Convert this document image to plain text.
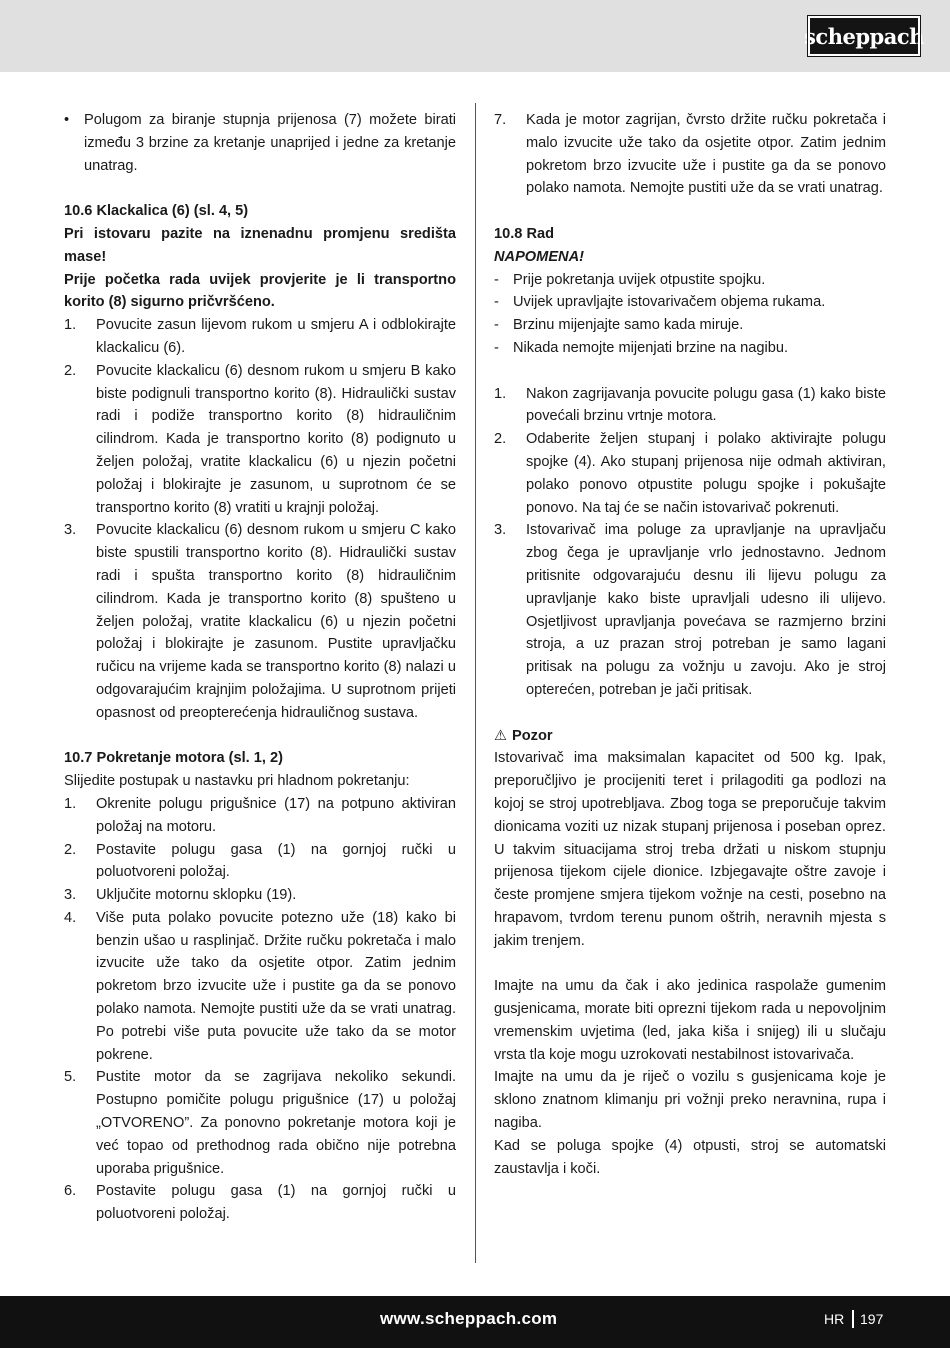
scheppach
•	Polugom za biranje stupnja prijenosa (7) možete birati između 3 brzine za kretanje unaprijed i jedne za kretanje unatrag.

10.6 Klackalica (6) (sl. 4, 5)

Pri istovaru pazite na iznenadnu promjenu središta mase!

Prije početka rada uvijek provjerite je li transportno korito (8) sigurno pričvršćeno.

1.	Povucite zasun lijevom rukom u smjeru A i odblokirajte klackalicu (6).
2.	Povucite klackalicu (6) desnom rukom u smjeru B kako biste podignuli transportno korito (8). Hidraulički sustav radi i podiže transportno korito (8) hidrauličnim cilindrom. Kada je transportno korito (8) podignuto u željen položaj, vratite klackalicu (6) u njezin početni položaj i blokirajte je zasunom, u suprotnom će se transportno korito (8) vratiti u krajnji položaj.
3.	Povucite klackalicu (6) desnom rukom u smjeru C kako biste spustili transportno korito (8). Hidraulički sustav radi i spušta transportno korito (8) hidrauličnim cilindrom. Kada je transportno korito (8) spušteno u željen položaj, vratite klackalicu (6) u njezin početni položaj i blokirajte je zasunom. Pustite upravljačku ručicu na vrijeme kada se transportno korito (8) nalazi u odgovarajućim krajnjim položajima. U suprotnom prijeti opasnost od preopterećenja hidrauličnog sustava.

10.7 Pokretanje motora (sl. 1, 2)

Slijedite postupak u nastavku pri hladnom pokretanju:

1.	Okrenite polugu prigušnice (17) na potpuno aktiviran položaj na motoru.
2.	Postavite polugu gasa (1) na gornjoj ručki u poluotvoreni položaj.
3.	Uključite motornu sklopku (19).
4.	Više puta polako povucite potezno uže (18) kako bi benzin ušao u rasplinjač. Držite ručku pokretača i malo izvucite uže tako da osjetite otpor. Zatim jednim pokretom brzo izvucite uže i pustite ga da se ponovo polako namota. Nemojte pustiti uže da se vrati unatrag. Po potrebi više puta povucite uže tako da se motor pokrene.
5.	Pustite motor da se zagrijava nekoliko sekundi. Postupno pomičite polugu prigušnice (17) u položaj „OTVORENO”. Za ponovno pokretanje motora koji je već topao od prethodnog rada obično nije potrebna uporaba prigušnice.
6.	Postavite polugu gasa (1) na gornjoj ručki u poluotvoreni položaj.
7.	Kada je motor zagrijan, čvrsto držite ručku pokretača i malo izvucite uže tako da osjetite otpor. Zatim jednim pokretom brzo izvucite uže i pustite ga da se ponovo polako namota. Nemojte pustiti uže da se vrati unatrag.

10.8 Rad

NAPOMENA!

- Prije pokretanja uvijek otpustite spojku.
- Uvijek upravljajte istovarivačem objema rukama.
- Brzinu mijenjajte samo kada miruje.
- Nikada nemojte mijenjati brzine na nagibu.
1.	Nakon zagrijavanja povucite polugu gasa (1) kako biste povećali brzinu vrtnje motora.
2.	Odaberite željen stupanj i polako aktivirajte polugu spojke (4). Ako stupanj prijenosa nije odmah aktiviran, polako ponovo otpustite polugu spojke i pokušajte ponovo. Na taj će se način istovarivač pokrenuti.
3.	Istovarivač ima poluge za upravljanje na upravljaču zbog čega je upravljanje vrlo jednostavno. Jednom pritisnite odgovarajuću desnu ili lijevu polugu za upravljanje kako biste upravljali udesno ili ulijevo. Osjetljivost upravljanja povećava se razmjerno brzini stroja, a uz prazan stroj potreban je samo lagani pritisak na polugu za vožnju u zavoju. Ako je stroj opterećen, potreban je jači pritisak.

⚠ Pozor

Istovarivač ima maksimalan kapacitet od 500 kg. Ipak, preporučljivo je procijeniti teret i prilagoditi ga podlozi na kojoj se stroj upotrebljava. Zbog toga se preporučuje takvim dionicama voziti uz nizak stupanj prijenosa i poseban oprez. U takvim situacijama stroj treba držati u niskom stupnju prijenosa tijekom cijele dionice. Izbjegavajte oštre zavoje i česte promjene smjera tijekom vožnje na cesti, posebno na hrapavom, tvrdom terenu punom oštrih, neravnih mjesta s jakim trenjem.

Imajte na umu da čak i ako jedinica raspolaže gumenim gusjenicama, morate biti oprezni tijekom rada u nepovoljnim vremenskim uvjetima (led, jaka kiša i snijeg) ili u slučaju vrsta tla koje mogu uzrokovati nestabilnost istovarivača.

Imajte na umu da je riječ o vozilu s gusjenicama koje je sklono znatnom klimanju pri vožnji preko neravnina, rupa i nagiba.

Kad se poluga spojke (4) otpusti, stroj se automatski zaustavlja i koči.

www.scheppach.com	HR 197
